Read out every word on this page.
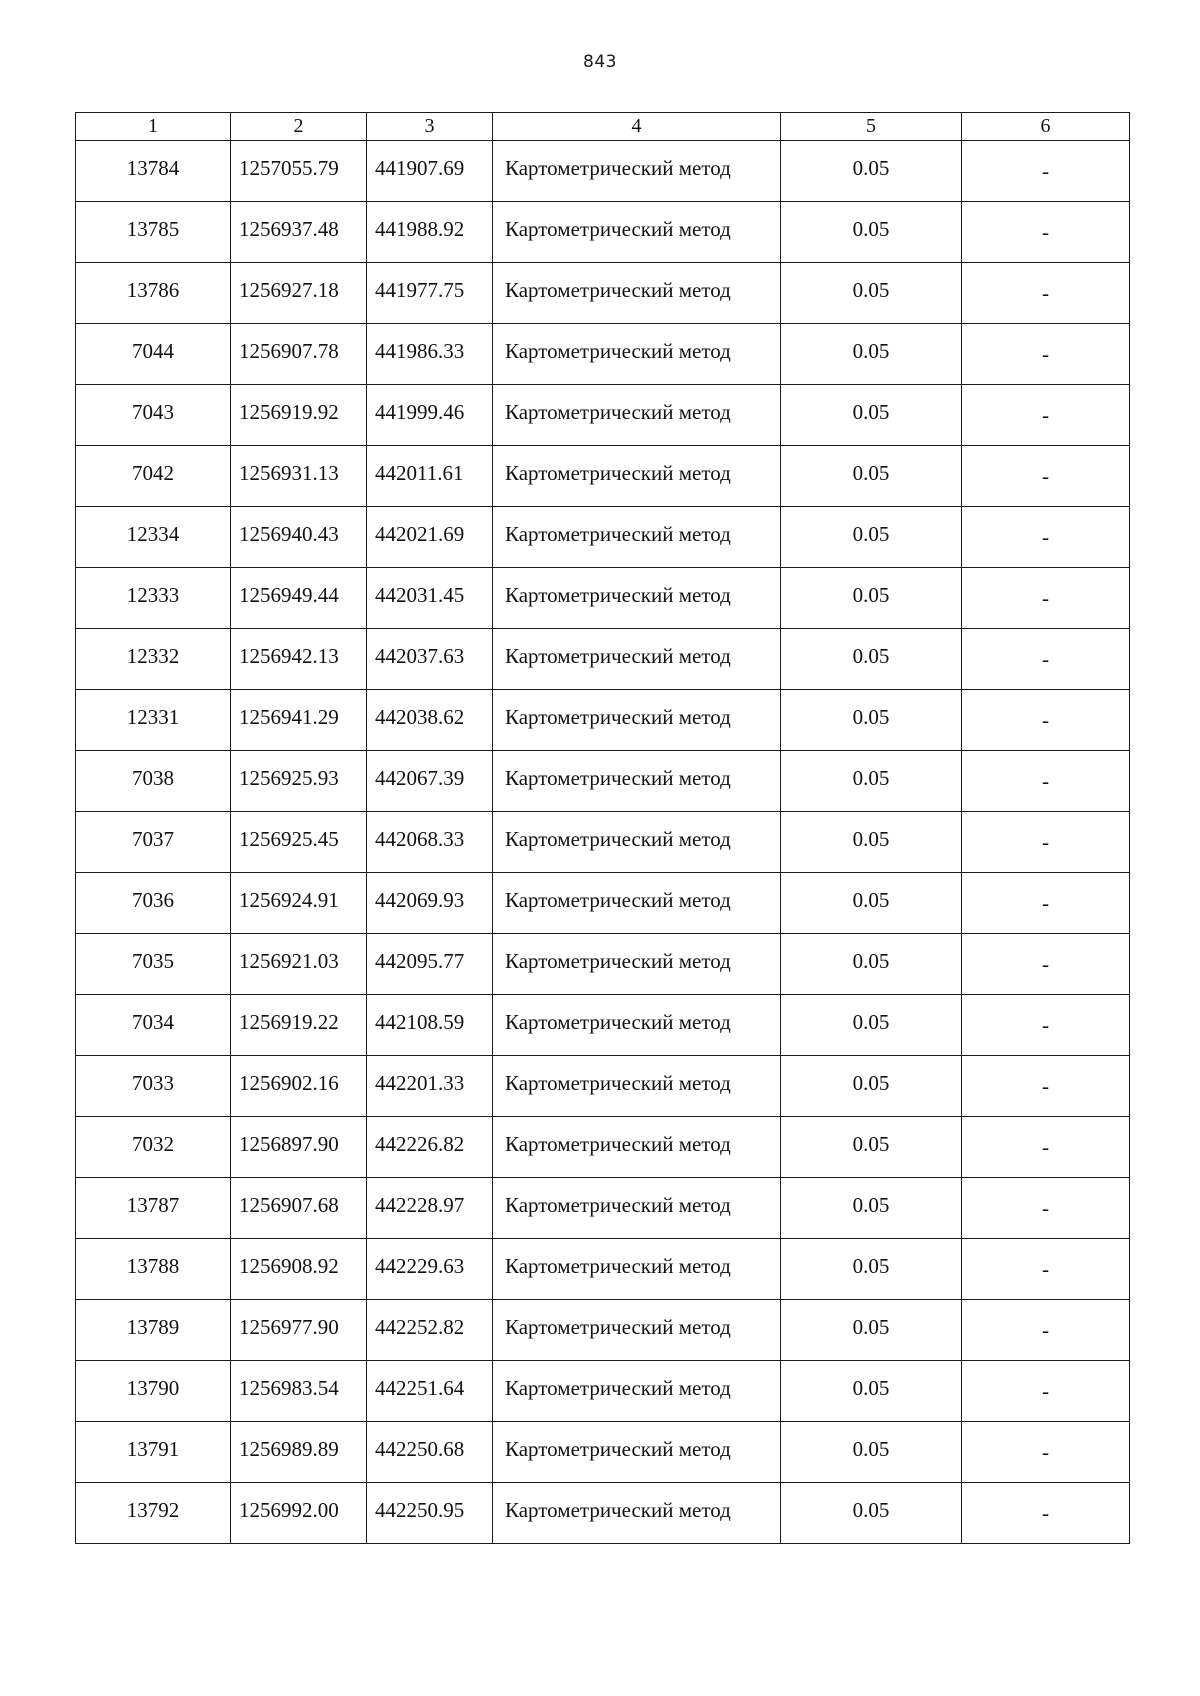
843
1	2	3	4	5	6
13784	1257055.79	441907.69	Картометрический метод	0.05	-
13785	1256937.48	441988.92	Картометрический метод	0.05	-
13786	1256927.18	441977.75	Картометрический метод	0.05	-
7044	1256907.78	441986.33	Картометрический метод	0.05	-
7043	1256919.92	441999.46	Картометрический метод	0.05	-
7042	1256931.13	442011.61	Картометрический метод	0.05	-
12334	1256940.43	442021.69	Картометрический метод	0.05	-
12333	1256949.44	442031.45	Картометрический метод	0.05	-
12332	1256942.13	442037.63	Картометрический метод	0.05	-
12331	1256941.29	442038.62	Картометрический метод	0.05	-
7038	1256925.93	442067.39	Картометрический метод	0.05	-
7037	1256925.45	442068.33	Картометрический метод	0.05	-
7036	1256924.91	442069.93	Картометрический метод	0.05	-
7035	1256921.03	442095.77	Картометрический метод	0.05	-
7034	1256919.22	442108.59	Картометрический метод	0.05	-
7033	1256902.16	442201.33	Картометрический метод	0.05	-
7032	1256897.90	442226.82	Картометрический метод	0.05	-
13787	1256907.68	442228.97	Картометрический метод	0.05	-
13788	1256908.92	442229.63	Картометрический метод	0.05	-
13789	1256977.90	442252.82	Картометрический метод	0.05	-
13790	1256983.54	442251.64	Картометрический метод	0.05	-
13791	1256989.89	442250.68	Картометрический метод	0.05	-
13792	1256992.00	442250.95	Картометрический метод	0.05	-
